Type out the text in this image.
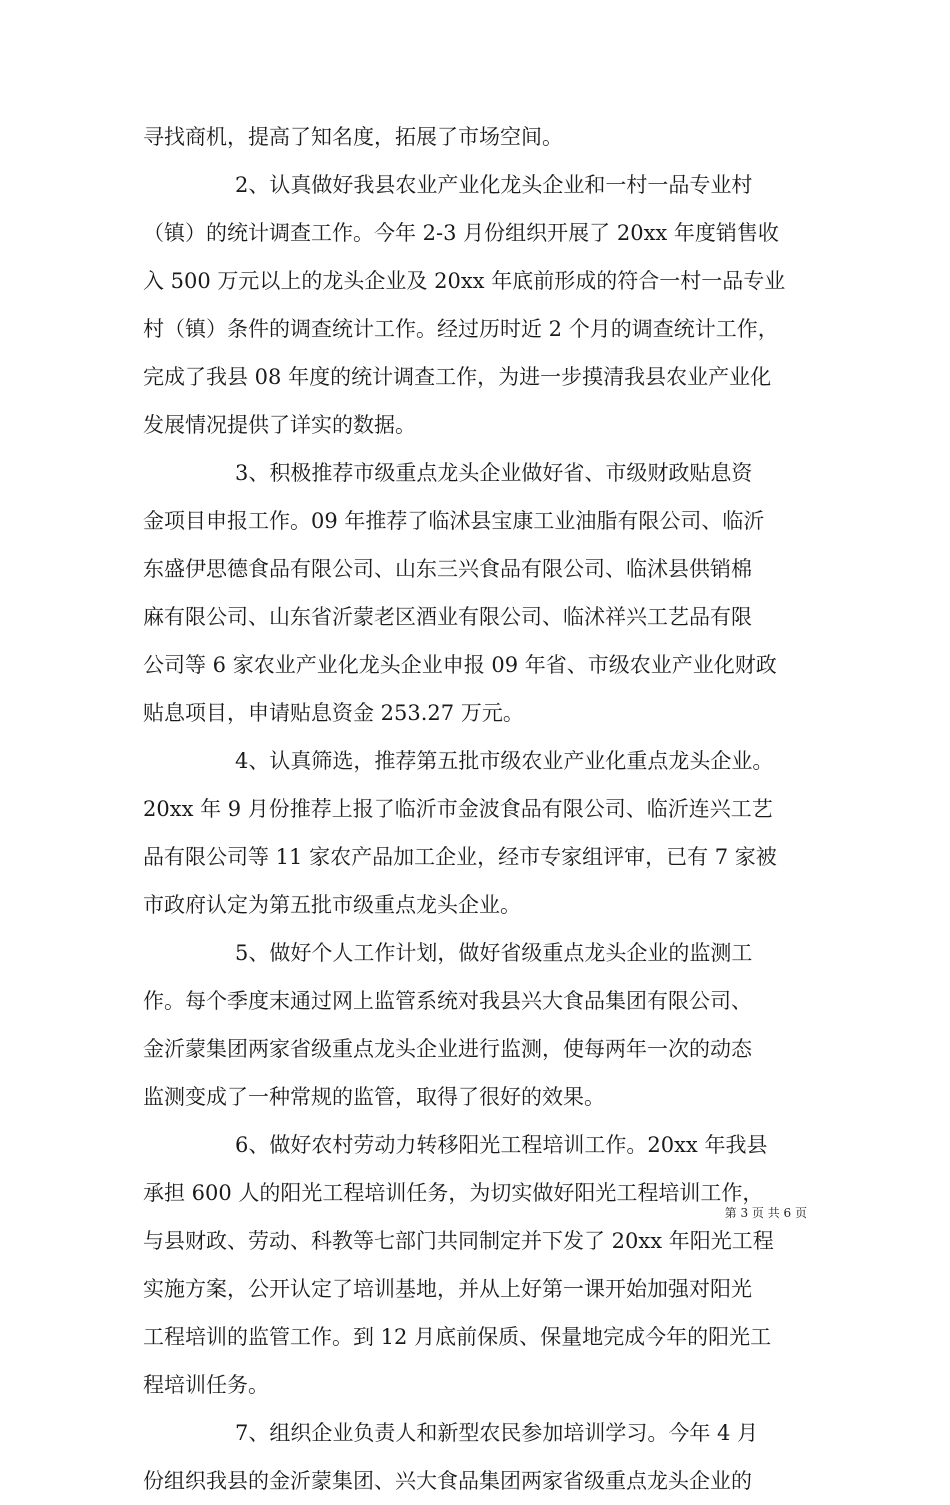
寻找商机，提高了知名度，拓展了市场空间。
2、认真做好我县农业产业化龙头企业和一村一品专业村
（镇）的统计调查工作。今年 2-3 月份组织开展了 20xx 年度销售收
入 500 万元以上的龙头企业及 20xx 年底前形成的符合一村一品专业
村（镇）条件的调查统计工作。经过历时近 2 个月的调查统计工作，
完成了我县 08 年度的统计调查工作，为进一步摸清我县农业产业化
发展情况提供了详实的数据。
3、积极推荐市级重点龙头企业做好省、市级财政贴息资
金项目申报工作。09 年推荐了临沭县宝康工业油脂有限公司、临沂
东盛伊思德食品有限公司、山东三兴食品有限公司、临沭县供销棉
麻有限公司、山东省沂蒙老区酒业有限公司、临沭祥兴工艺品有限
公司等 6 家农业产业化龙头企业申报 09 年省、市级农业产业化财政
贴息项目，申请贴息资金 253.27 万元。
4、认真筛选，推荐第五批市级农业产业化重点龙头企业。
20xx 年 9 月份推荐上报了临沂市金波食品有限公司、临沂连兴工艺
品有限公司等 11 家农产品加工企业，经市专家组评审，已有 7 家被
市政府认定为第五批市级重点龙头企业。
5、做好个人工作计划，做好省级重点龙头企业的监测工
作。每个季度末通过网上监管系统对我县兴大食品集团有限公司、
金沂蒙集团两家省级重点龙头企业进行监测，使每两年一次的动态
监测变成了一种常规的监管，取得了很好的效果。
6、做好农村劳动力转移阳光工程培训工作。20xx 年我县
承担 600 人的阳光工程培训任务，为切实做好阳光工程培训工作，
与县财政、劳动、科教等七部门共同制定并下发了 20xx 年阳光工程
实施方案，公开认定了培训基地，并从上好第一课开始加强对阳光
工程培训的监管工作。到 12 月底前保质、保量地完成今年的阳光工
程培训任务。
7、组织企业负责人和新型农民参加培训学习。今年 4 月
份组织我县的金沂蒙集团、兴大食品集团两家省级重点龙头企业的
第 3 页 共 6 页
